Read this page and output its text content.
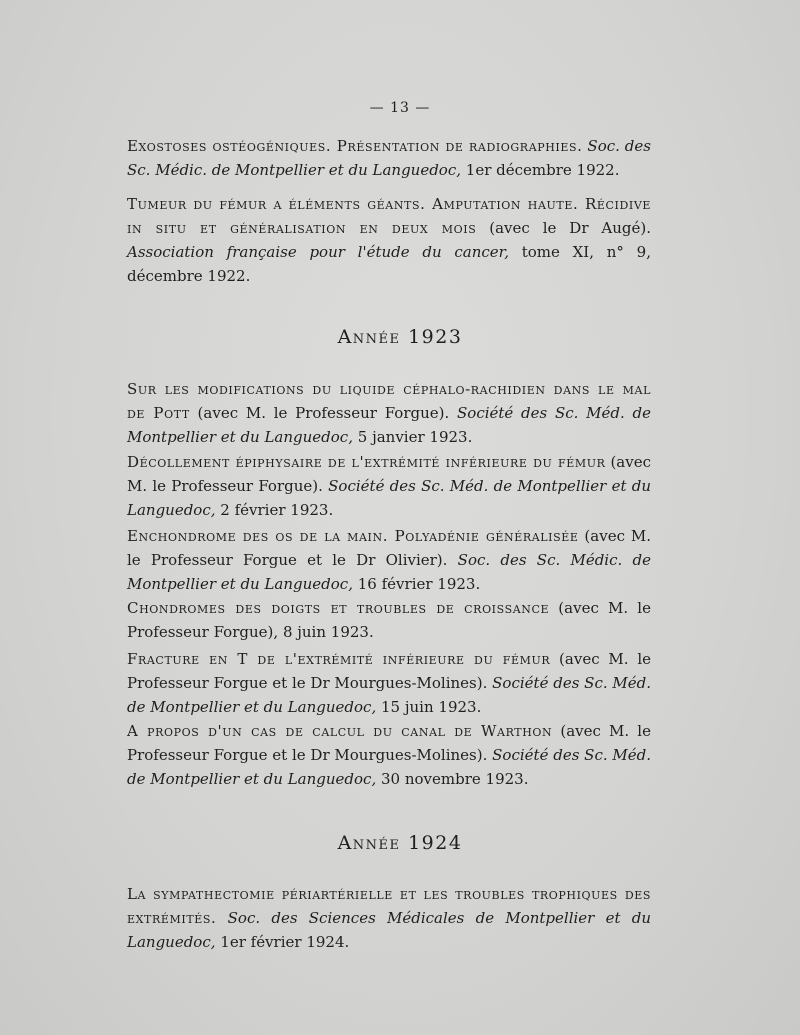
— 13 —
Exostoses ostéogéniques. Présentation de radiographies. Soc. des Sc. Médic. de Montpellier et du Languedoc, 1er décembre 1922.
Tumeur du fémur a éléments géants. Amputation haute. Récidive in situ et généralisation en deux mois (avec le Dr Augé). Association française pour l'étude du cancer, tome XI, n° 9, décembre 1922.
Année 1923
Sur les modifications du liquide céphalo-rachidien dans le mal de Pott (avec M. le Professeur Forgue). Société des Sc. Méd. de Montpellier et du Languedoc, 5 janvier 1923.
Décollement épiphysaire de l'extrémité inférieure du fémur (avec M. le Professeur Forgue). Société des Sc. Méd. de Montpellier et du Languedoc, 2 février 1923.
Enchondrome des os de la main. Polyadénie généralisée (avec M. le Professeur Forgue et le Dr Olivier). Soc. des Sc. Médic. de Montpellier et du Languedoc, 16 février 1923.
Chondromes des doigts et troubles de croissance (avec M. le Professeur Forgue), 8 juin 1923.
Fracture en T de l'extrémité inférieure du fémur (avec M. le Professeur Forgue et le Dr Mourgues-Molines). Société des Sc. Méd. de Montpellier et du Languedoc, 15 juin 1923.
A propos d'un cas de calcul du canal de Warthon (avec M. le Professeur Forgue et le Dr Mourgues-Molines). Société des Sc. Méd. de Montpellier et du Languedoc, 30 novembre 1923.
Année 1924
La sympathectomie périartérielle et les troubles trophiques des extrémités. Soc. des Sciences Médicales de Montpellier et du Languedoc, 1er février 1924.
